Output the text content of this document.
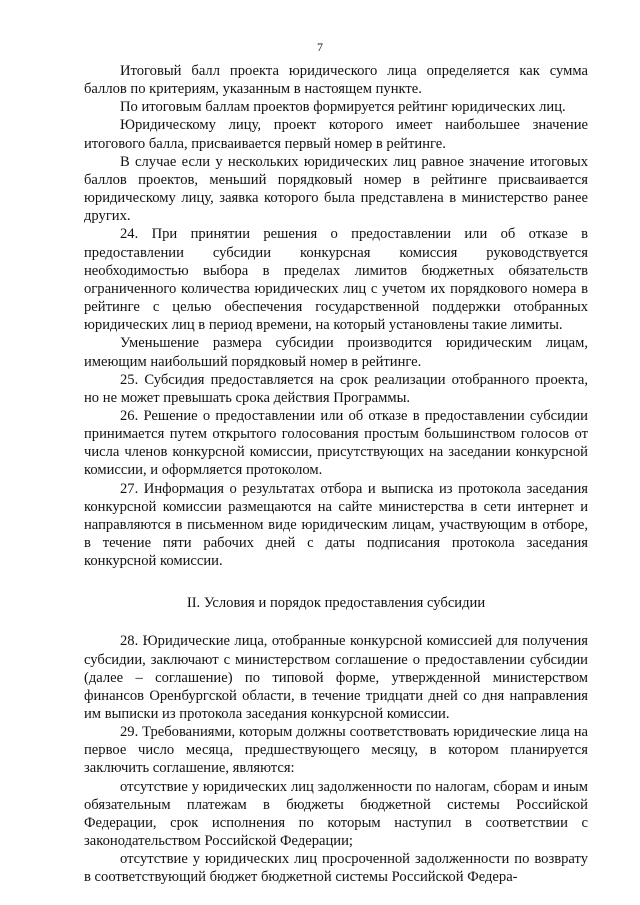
7

Итоговый балл проекта юридического лица определяется как сумма баллов по критериям, указанным в настоящем пункте.

По итоговым баллам проектов формируется рейтинг юридических лиц.

Юридическому лицу, проект которого имеет наибольшее значение итогового балла, присваивается первый номер в рейтинге.

В случае если у нескольких юридических лиц равное значение итоговых баллов проектов, меньший порядковый номер в рейтинге присваивается юридическому лицу, заявка которого была представлена в министерство ранее других.

24. При принятии решения о предоставлении или об отказе в предоставлении субсидии конкурсная комиссия руководствуется необходимостью выбора в пределах лимитов бюджетных обязательств ограниченного количества юридических лиц с учетом их порядкового номера в рейтинге с целью обеспечения государственной поддержки отобранных юридических лиц в период времени, на который установлены такие лимиты.

Уменьшение размера субсидии производится юридическим лицам, имеющим наибольший порядковый номер в рейтинге.

25. Субсидия предоставляется на срок реализации отобранного проекта, но не может превышать срока действия Программы.

26. Решение о предоставлении или об отказе в предоставлении субсидии принимается путем открытого голосования простым большинством голосов от числа членов конкурсной комиссии, присутствующих на заседании конкурсной комиссии, и оформляется протоколом.

27. Информация о результатах отбора и выписка из протокола заседания конкурсной комиссии размещаются на сайте министерства в сети интернет и направляются в письменном виде юридическим лицам, участвующим в отборе, в течение пяти рабочих дней с даты подписания протокола заседания конкурсной комиссии.

II. Условия и порядок предоставления субсидии

28. Юридические лица, отобранные конкурсной комиссией для получения субсидии, заключают с министерством соглашение о предоставлении субсидии (далее – соглашение) по типовой форме, утвержденной министерством финансов Оренбургской области, в течение тридцати дней со дня направления им выписки из протокола заседания конкурсной комиссии.

29. Требованиями, которым должны соответствовать юридические лица на первое число месяца, предшествующего месяцу, в котором планируется заключить соглашение, являются:

отсутствие у юридических лиц задолженности по налогам, сборам и иным обязательным платежам в бюджеты бюджетной системы Российской Федерации, срок исполнения по которым наступил в соответствии с законодательством Российской Федерации;

отсутствие у юридических лиц просроченной задолженности по возврату в соответствующий бюджет бюджетной системы Российской Федера-
